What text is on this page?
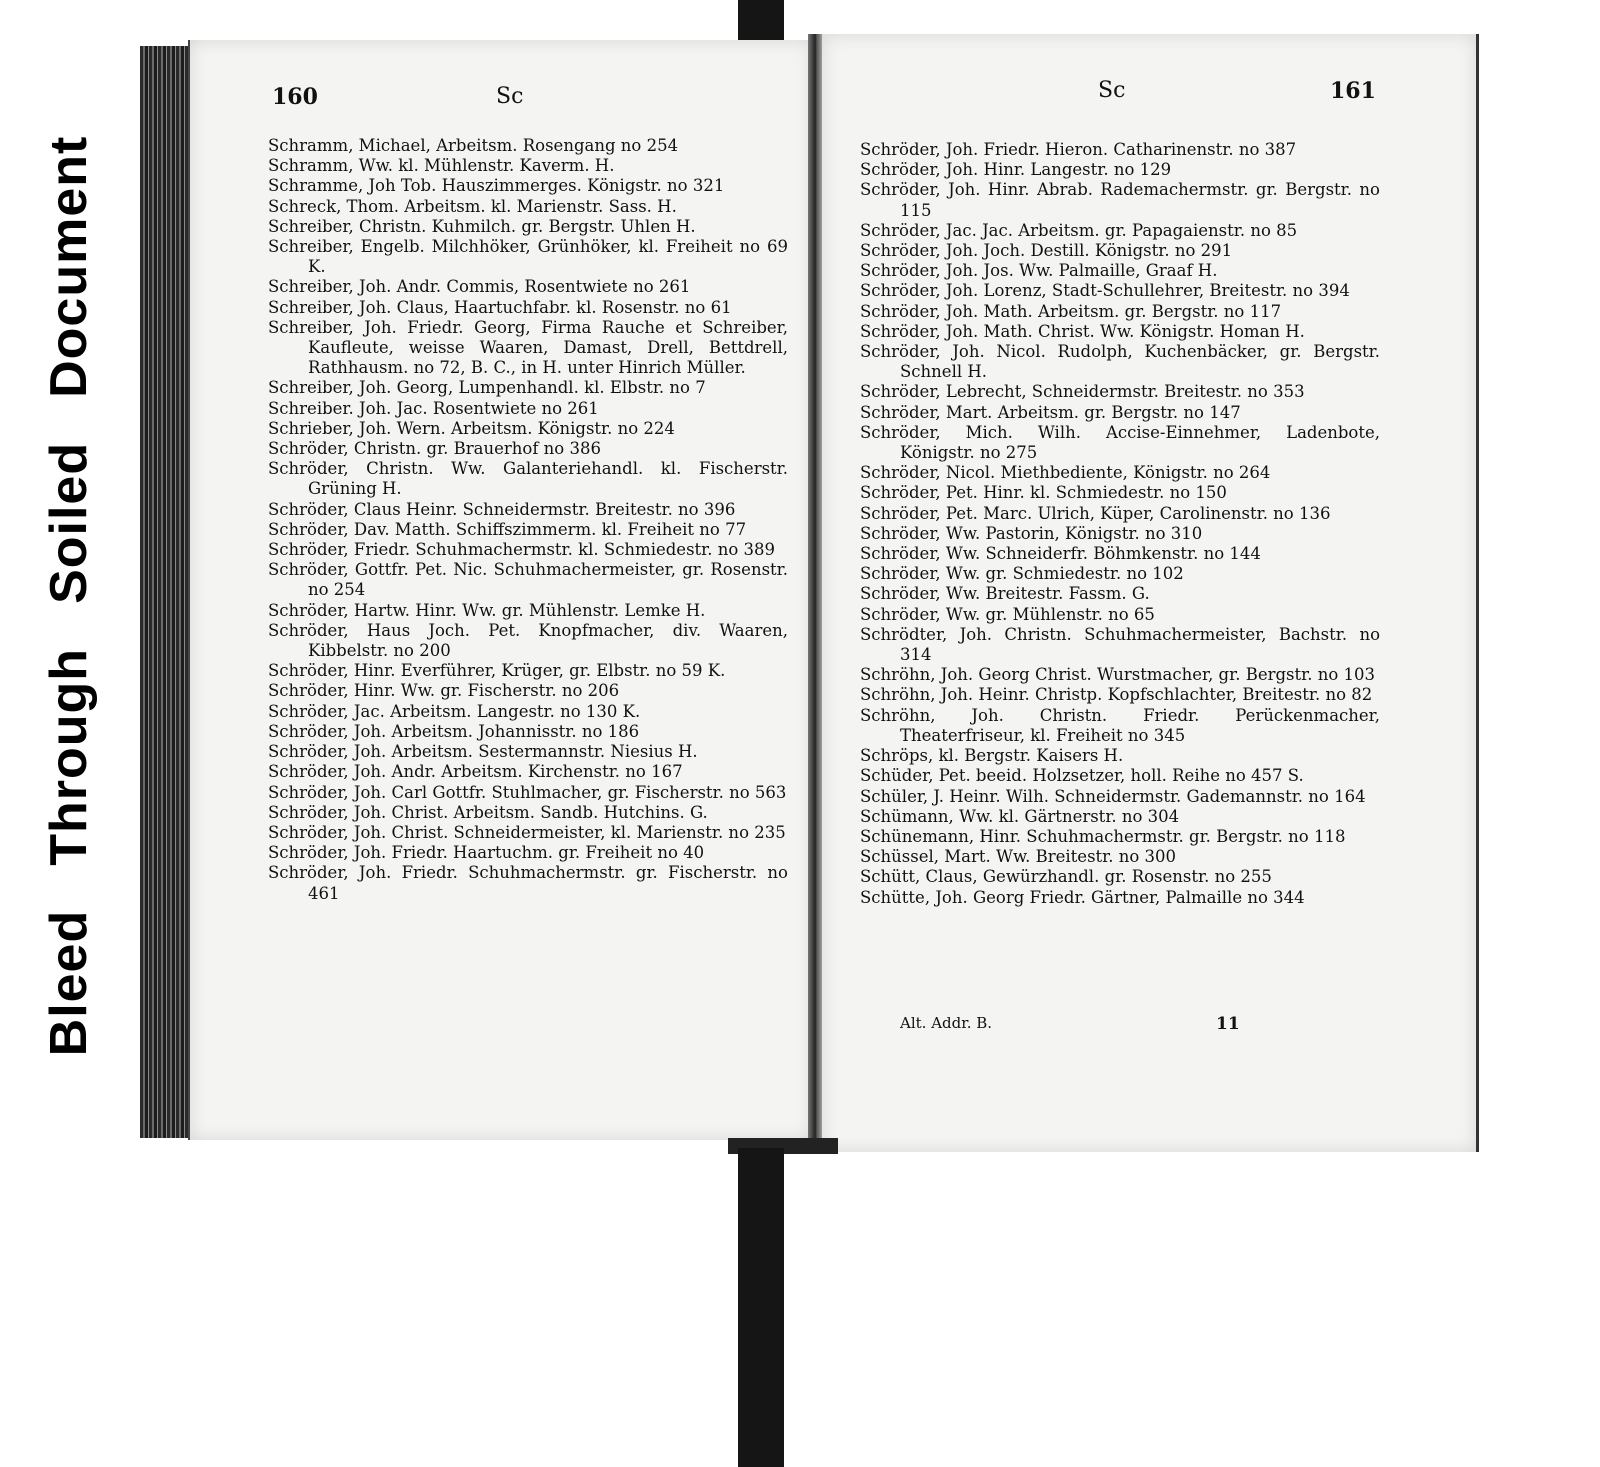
BleedThroughSoiledDocument
160	Sc
Schramm, Michael, Arbeitsm. Rosengang no 254
Schramm, Ww. kl. Mühlenstr. Kaverm. H.
Schramme, Joh Tob. Hauszimmerges. Königstr. no 321
Schreck, Thom. Arbeitsm. kl. Marienstr. Sass. H.
Schreiber, Christn. Kuhmilch. gr. Bergstr. Uhlen H.
Schreiber, Engelb. Milchhöker, Grünhöker, kl. Freiheit no 69 K.
Schreiber, Joh. Andr. Commis, Rosentwiete no 261
Schreiber, Joh. Claus, Haartuchfabr. kl. Rosenstr. no 61
Schreiber, Joh. Friedr. Georg, Firma Rauche et Schreiber, Kaufleute, weisse Waaren, Damast, Drell, Bettdrell, Rathhausm. no 72, B. C., in H. unter Hinrich Müller.
Schreiber, Joh. Georg, Lumpenhandl. kl. Elbstr. no 7
Schreiber. Joh. Jac. Rosentwiete no 261
Schrieber, Joh. Wern. Arbeitsm. Königstr. no 224
Schröder, Christn. gr. Brauerhof no 386
Schröder, Christn. Ww. Galanteriehandl. kl. Fischerstr. Grüning H.
Schröder, Claus Heinr. Schneidermstr. Breitestr. no 396
Schröder, Dav. Matth. Schiffszimmerm. kl. Freiheit no 77
Schröder, Friedr. Schuhmachermstr. kl. Schmiedestr. no 389
Schröder, Gottfr. Pet. Nic. Schuhmachermeister, gr. Rosenstr. no 254
Schröder, Hartw. Hinr. Ww. gr. Mühlenstr. Lemke H.
Schröder, Haus Joch. Pet. Knopfmacher, div. Waaren, Kibbelstr. no 200
Schröder, Hinr. Everführer, Krüger, gr. Elbstr. no 59 K.
Schröder, Hinr. Ww. gr. Fischerstr. no 206
Schröder, Jac. Arbeitsm. Langestr. no 130 K.
Schröder, Joh. Arbeitsm. Johannisstr. no 186
Schröder, Joh. Arbeitsm. Sestermannstr. Niesius H.
Schröder, Joh. Andr. Arbeitsm. Kirchenstr. no 167
Schröder, Joh. Carl Gottfr. Stuhlmacher, gr. Fischerstr. no 563
Schröder, Joh. Christ. Arbeitsm. Sandb. Hutchins. G.
Schröder, Joh. Christ. Schneidermeister, kl. Marienstr. no 235
Schröder, Joh. Friedr. Haartuchm. gr. Freiheit no 40
Schröder, Joh. Friedr. Schuhmachermstr. gr. Fischerstr. no 461
Sc	161
Schröder, Joh. Friedr. Hieron. Catharinenstr. no 387
Schröder, Joh. Hinr. Langestr. no 129
Schröder, Joh. Hinr. Abrab. Rademachermstr. gr. Bergstr. no 115
Schröder, Jac. Jac. Arbeitsm. gr. Papagaienstr. no 85
Schröder, Joh. Joch. Destill. Königstr. no 291
Schröder, Joh. Jos. Ww. Palmaille, Graaf H.
Schröder, Joh. Lorenz, Stadt-Schullehrer, Breitestr. no 394
Schröder, Joh. Math. Arbeitsm. gr. Bergstr. no 117
Schröder, Joh. Math. Christ. Ww. Königstr. Homan H.
Schröder, Joh. Nicol. Rudolph, Kuchenbäcker, gr. Bergstr. Schnell H.
Schröder, Lebrecht, Schneidermstr. Breitestr. no 353
Schröder, Mart. Arbeitsm. gr. Bergstr. no 147
Schröder, Mich. Wilh. Accise-Einnehmer, Ladenbote, Königstr. no 275
Schröder, Nicol. Miethbediente, Königstr. no 264
Schröder, Pet. Hinr. kl. Schmiedestr. no 150
Schröder, Pet. Marc. Ulrich, Küper, Carolinenstr. no 136
Schröder, Ww. Pastorin, Königstr. no 310
Schröder, Ww. Schneiderfr. Böhmkenstr. no 144
Schröder, Ww. gr. Schmiedestr. no 102
Schröder, Ww. Breitestr. Fassm. G.
Schröder, Ww. gr. Mühlenstr. no 65
Schrödter, Joh. Christn. Schuhmachermeister, Bachstr. no 314
Schröhn, Joh. Georg Christ. Wurstmacher, gr. Bergstr. no 103
Schröhn, Joh. Heinr. Christp. Kopfschlachter, Breitestr. no 82
Schröhn, Joh. Christn. Friedr. Perückenmacher, Theaterfriseur, kl. Freiheit no 345
Schröps, kl. Bergstr. Kaisers H.
Schüder, Pet. beeid. Holzsetzer, holl. Reihe no 457 S.
Schüler, J. Heinr. Wilh. Schneidermstr. Gademannstr. no 164
Schümann, Ww. kl. Gärtnerstr. no 304
Schünemann, Hinr. Schuhmachermstr. gr. Bergstr. no 118
Schüssel, Mart. Ww. Breitestr. no 300
Schütt, Claus, Gewürzhandl. gr. Rosenstr. no 255
Schütte, Joh. Georg Friedr. Gärtner, Palmaille no 344
Alt. Addr. B.	11
